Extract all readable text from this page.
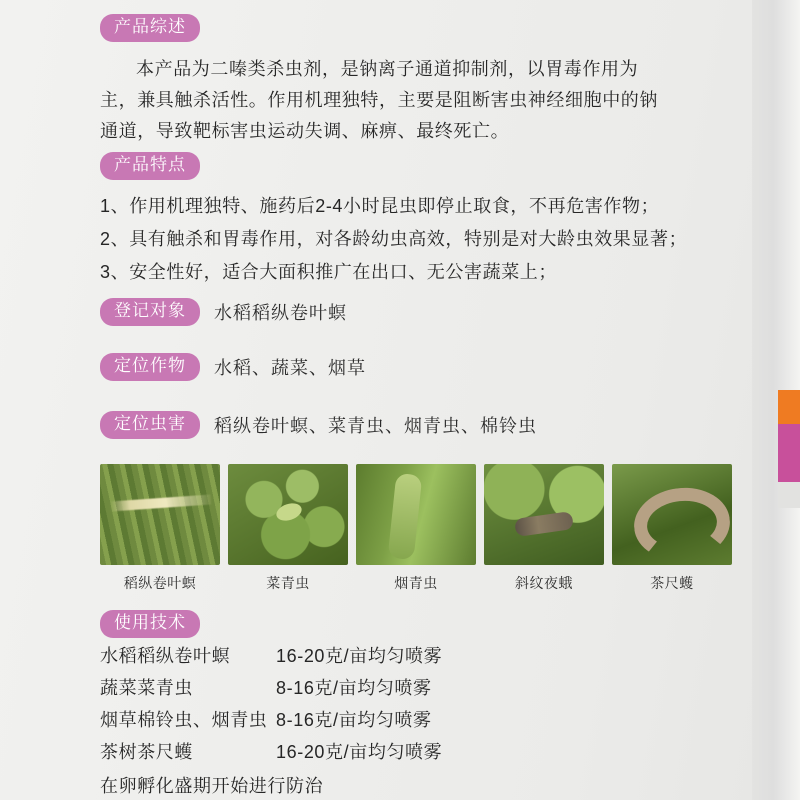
产品综述
本产品为二嗪类杀虫剂，是钠离子通道抑制剂，以胃毒作用为主，兼具触杀活性。作用机理独特，主要是阻断害虫神经细胞中的钠通道，导致靶标害虫运动失调、麻痹、最终死亡。
产品特点
1、作用机理独特、施药后2-4小时昆虫即停止取食，不再危害作物；
2、具有触杀和胃毒作用，对各龄幼虫高效，特别是对大龄虫效果显著；
3、安全性好，适合大面积推广在出口、无公害蔬菜上；
登记对象	水稻稻纵卷叶螟
定位作物	水稻、蔬菜、烟草
定位虫害	稻纵卷叶螟、菜青虫、烟青虫、棉铃虫
稻纵卷叶螟	菜青虫	烟青虫	斜纹夜蛾	茶尺蠖
使用技术
水稻稻纵卷叶螟	16-20克/亩均匀喷雾
蔬菜菜青虫	8-16克/亩均匀喷雾
烟草棉铃虫、烟青虫 8-16克/亩均匀喷雾
茶树茶尺蠖	16-20克/亩均匀喷雾
在卵孵化盛期开始进行防治
